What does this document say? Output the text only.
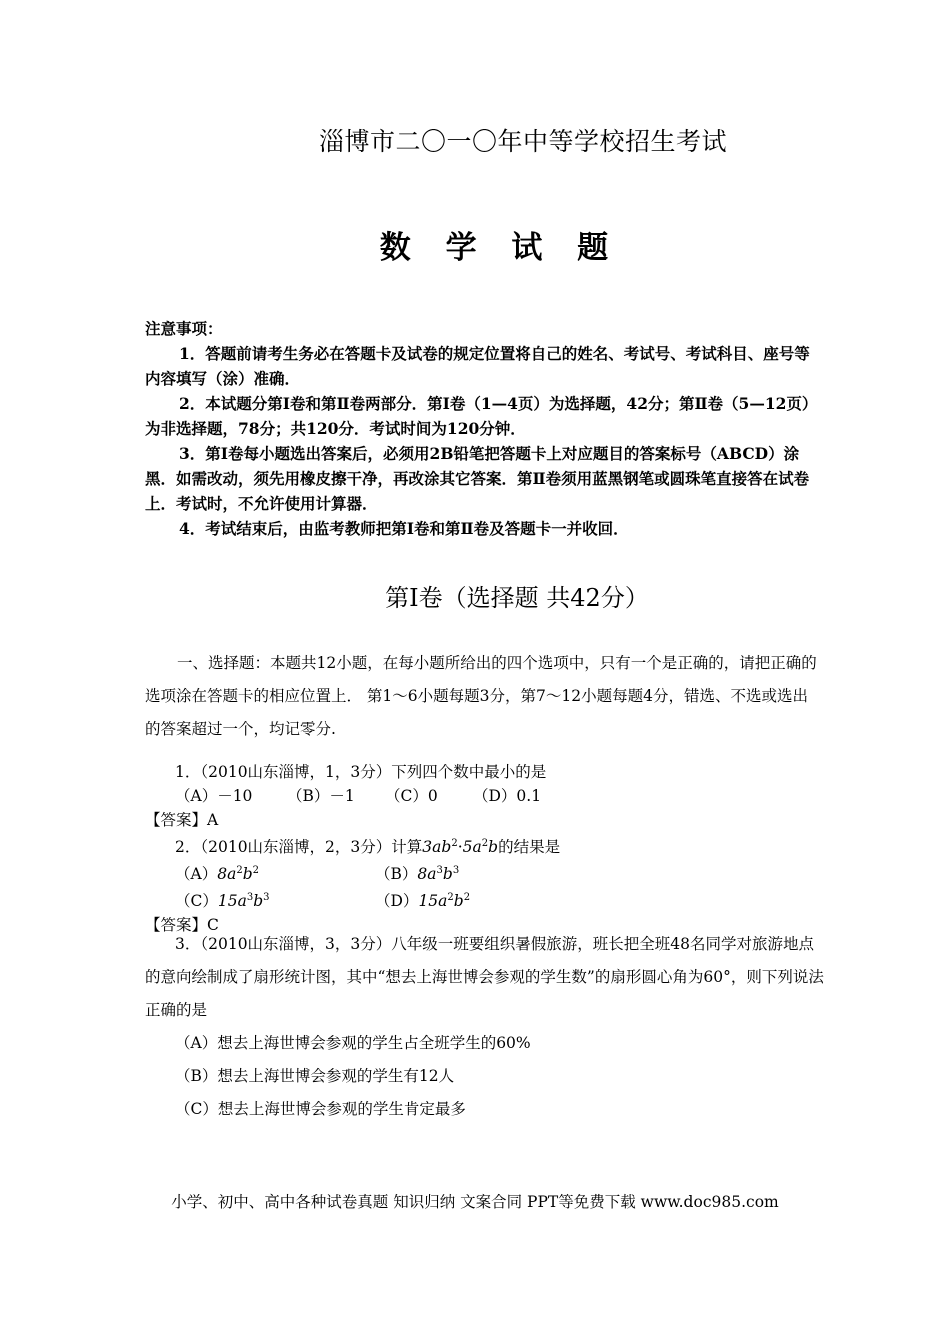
淄博市二〇一〇年中等学校招生考试
数 学 试 题

注意事项：

1．答题前请考生务必在答题卡及试卷的规定位置将自己的姓名、考试号、考试科目、座号等内容填写（涂）准确．

2．本试题分第Ⅰ卷和第Ⅱ卷两部分．第Ⅰ卷（1—4页）为选择题，42分；第Ⅱ卷（5—12页）为非选择题，78分；共120分．考试时间为120分钟．

3．第Ⅰ卷每小题选出答案后，必须用2B铅笔把答题卡上对应题目的答案标号（ABCD）涂黑．如需改动，须先用橡皮擦干净，再改涂其它答案．第Ⅱ卷须用蓝黑钢笔或圆珠笔直接答在试卷上．考试时，不允许使用计算器．

4．考试结束后，由监考教师把第Ⅰ卷和第Ⅱ卷及答题卡一并收回．

第Ⅰ卷（选择题 共42分）

一、选择题：本题共12小题，在每小题所给出的四个选项中，只有一个是正确的，请把正确的选项涂在答题卡的相应位置上． 第1～6小题每题3分，第7～12小题每题4分，错选、不选或选出的答案超过一个，均记零分.

1．（2010山东淄博，1，3分）下列四个数中最小的是

（A）－10 （B）－1 （C）0 （D）0.1

【答案】A

2．（2010山东淄博，2，3分）计算$3ab^2\cdot 5a^2b$的结果是

$(A)8a^2b^2$	$(B)8a^3b^3$

$(C)15a^3b^3$	$(D)15a^2b^2$

【答案】C

3．（2010山东淄博，3，3分）八年级一班要组织暑假旅游，班长把全班48名同学对旅游地点的意向绘制成了扇形统计图，其中“想去上海世博会参观的学生数”的扇形圆心角为60°，则下列说法正确的是

（A）想去上海世博会参观的学生占全班学生的60%

（B）想去上海世博会参观的学生有12人

（C）想去上海世博会参观的学生肯定最多

小学、初中、高中各种试卷真题 知识归纳 文案合同 PPT等免费下载 www.doc985.com
